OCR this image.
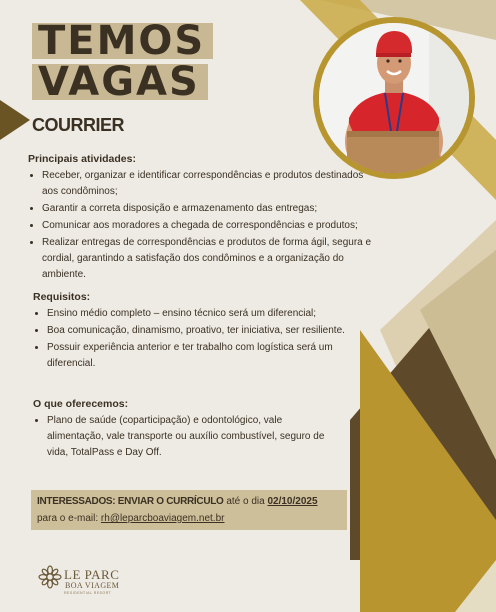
TEMOS
VAGAS
COURRIER

Principais atividades:

• Receber, organizar e identificar correspondências e produtos destinados aos condôminos;
• Garantir a correta disposição e armazenamento das entregas;
• Comunicar aos moradores a chegada de correspondências e produtos;
• Realizar entregas de correspondências e produtos de forma ágil, segura e cordial, garantindo a satisfação dos condôminos e a organização do ambiente.

Requisitos:

• Ensino médio completo – ensino técnico será um diferencial;
• Boa comunicação, dinamismo, proativo, ter iniciativa, ser resiliente.
• Possuir experiência anterior e ter trabalho com logística será um diferencial.

O que oferecemos:

• Plano de saúde (coparticipação) e odontológico, vale alimentação, vale transporte ou auxílio combustível, seguro de vida, TotalPass e Day Off.
INTERESSADOS: ENVIAR O CURRÍCULO até o dia 02/10/2025
para o e-mail: rh@leparcboaviagem.net.br
LE PARC
BOA VIAGEM
RESIDENTIAL RESORT
